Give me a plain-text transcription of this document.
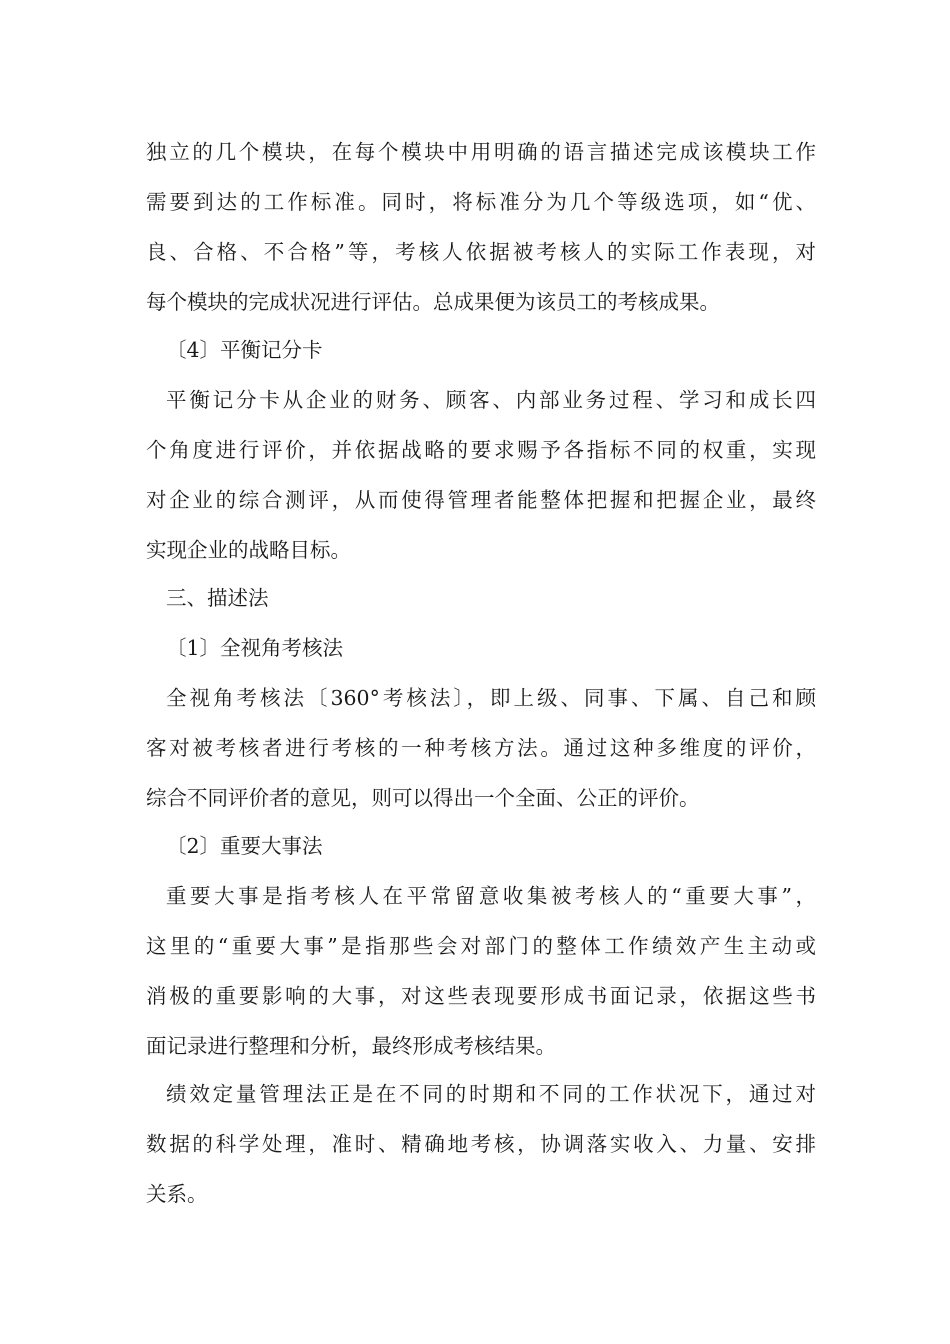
独立的几个模块，在每个模块中用明确的语言描述完成该模块工作
需要到达的工作标准。同时，将标准分为几个等级选项，如“优、
良、合格、不合格”等，考核人依据被考核人的实际工作表现，对
每个模块的完成状况进行评估。总成果便为该员工的考核成果。
〔4〕平衡记分卡
平衡记分卡从企业的财务、顾客、内部业务过程、学习和成长四
个角度进行评价，并依据战略的要求赐予各指标不同的权重，实现
对企业的综合测评，从而使得管理者能整体把握和把握企业，最终
实现企业的战略目标。
三、描述法
〔1〕全视角考核法
全视角考核法〔360°考核法〕，即上级、同事、下属、自己和顾
客对被考核者进行考核的一种考核方法。通过这种多维度的评价，
综合不同评价者的意见，则可以得出一个全面、公正的评价。
〔2〕重要大事法
重要大事是指考核人在平常留意收集被考核人的“重要大事”，
这里的“重要大事”是指那些会对部门的整体工作绩效产生主动或
消极的重要影响的大事，对这些表现要形成书面记录，依据这些书
面记录进行整理和分析，最终形成考核结果。
绩效定量管理法正是在不同的时期和不同的工作状况下，通过对
数据的科学处理，准时、精确地考核，协调落实收入、力量、安排
关系。
